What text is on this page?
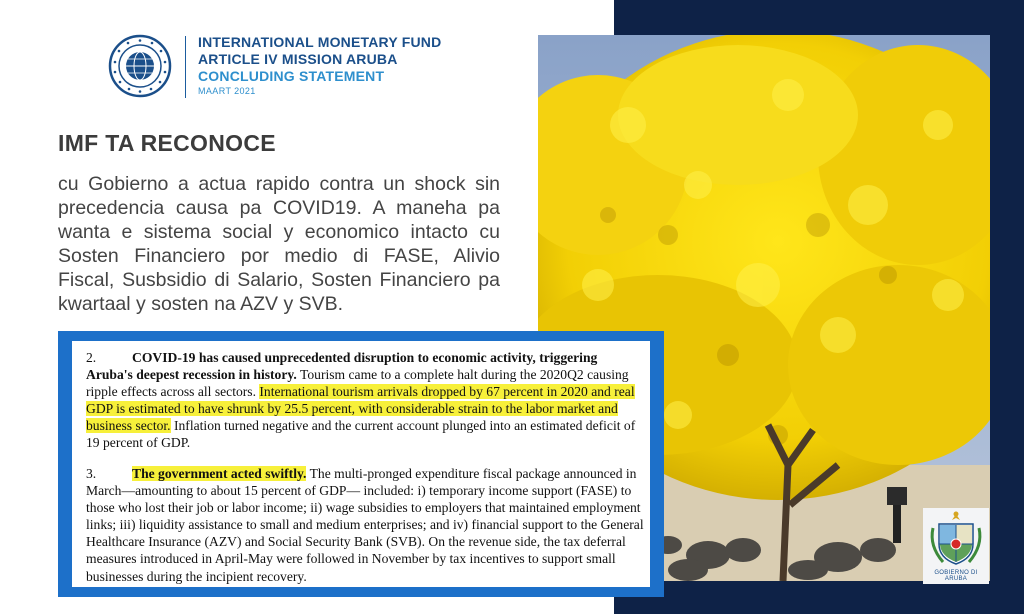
INTERNATIONAL MONETARY FUND
ARTICLE IV MISSION ARUBA
CONCLUDING STATEMENT
MAART 2021
IMF TA RECONOCE
cu Gobierno a actua rapido contra un shock sin precedencia causa pa COVID19. A maneha pa wanta e sistema social y economico intacto cu Sosten Financiero por medio di FASE, Alivio Fiscal, Susbsidio di Salario, Sosten Financiero pa kwartaal y sosten na AZV y SVB.
2.	COVID-19 has caused unprecedented disruption to economic activity, triggering Aruba's deepest recession in history. Tourism came to a complete halt during the 2020Q2 causing ripple effects across all sectors. International tourism arrivals dropped by 67 percent in 2020 and real GDP is estimated to have shrunk by 25.5 percent, with considerable strain to the labor market and business sector. Inflation turned negative and the current account plunged into an estimated deficit of 19 percent of GDP.
3.	The government acted swiftly. The multi-pronged expenditure fiscal package announced in March—amounting to about 15 percent of GDP— included: i) temporary income support (FASE) to those who lost their job or labor income; ii) wage subsidies to employers that maintained employment links; iii) liquidity assistance to small and medium enterprises; and iv) financial support to the General Healthcare Insurance (AZV) and Social Security Bank (SVB). On the revenue side, the tax deferral measures introduced in April-May were followed in November by tax incentives to support small businesses during the incipient recovery.	GOBIERNO DI ARUBA
